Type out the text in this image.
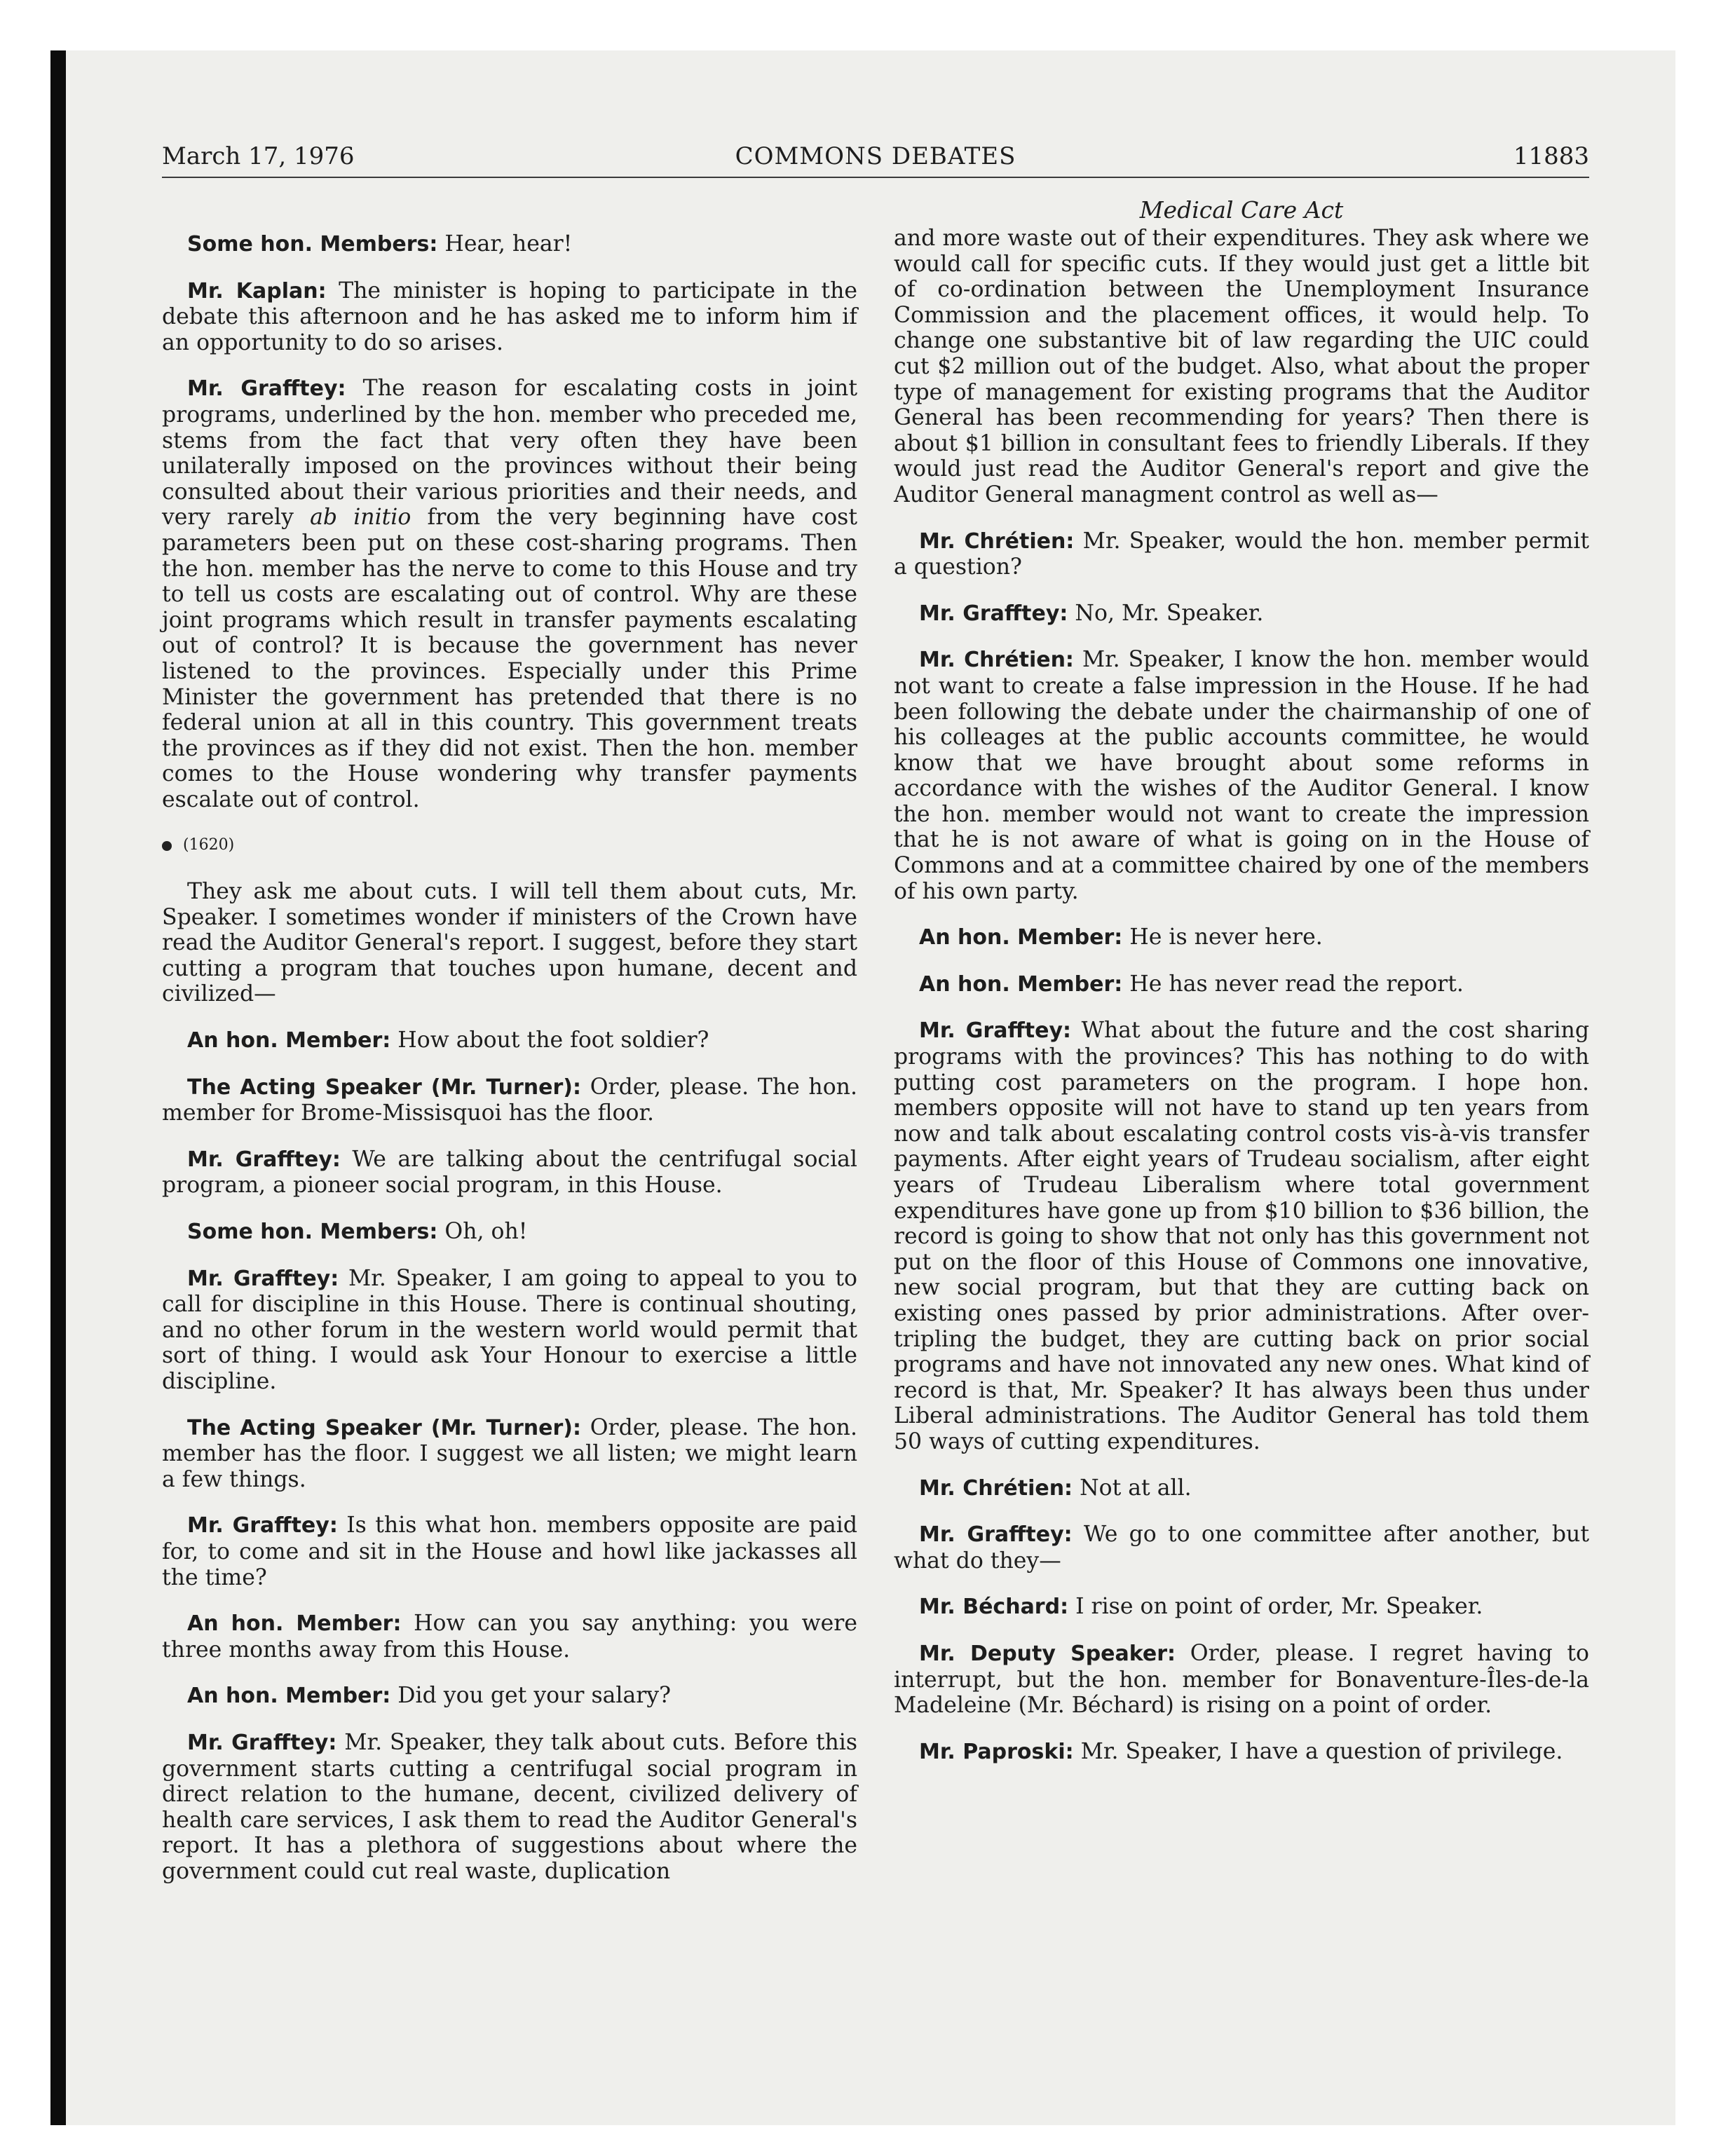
March 17, 1976	COMMONS DEBATES	11883

Some hon. Members: Hear, hear!

Mr. Kaplan: The minister is hoping to participate in the debate this afternoon and he has asked me to inform him if an opportunity to do so arises.

Mr. Grafftey: The reason for escalating costs in joint programs, underlined by the hon. member who preceded me, stems from the fact that very often they have been unilaterally imposed on the provinces without their being consulted about their various priorities and their needs, and very rarely ab initio from the very beginning have cost parameters been put on these cost-sharing programs. Then the hon. member has the nerve to come to this House and try to tell us costs are escalating out of control. Why are these joint programs which result in transfer payments escalating out of control? It is because the government has never listened to the provinces. Especially under this Prime Minister the government has pretended that there is no federal union at all in this country. This government treats the provinces as if they did not exist. Then the hon. member comes to the House wondering why transfer payments escalate out of control.

(1620)

They ask me about cuts. I will tell them about cuts, Mr. Speaker. I sometimes wonder if ministers of the Crown have read the Auditor General's report. I suggest, before they start cutting a program that touches upon humane, decent and civilized—

An hon. Member: How about the foot soldier?

The Acting Speaker (Mr. Turner): Order, please. The hon. member for Brome-Missisquoi has the floor.

Mr. Grafftey: We are talking about the centrifugal social program, a pioneer social program, in this House.

Some hon. Members: Oh, oh!

Mr. Grafftey: Mr. Speaker, I am going to appeal to you to call for discipline in this House. There is continual shouting, and no other forum in the western world would permit that sort of thing. I would ask Your Honour to exercise a little discipline.

The Acting Speaker (Mr. Turner): Order, please. The hon. member has the floor. I suggest we all listen; we might learn a few things.

Mr. Grafftey: Is this what hon. members opposite are paid for, to come and sit in the House and howl like jackasses all the time?

An hon. Member: How can you say anything: you were three months away from this House.

An hon. Member: Did you get your salary?

Mr. Grafftey: Mr. Speaker, they talk about cuts. Before this government starts cutting a centrifugal social program in direct relation to the humane, decent, civilized delivery of health care services, I ask them to read the Auditor General's report. It has a plethora of suggestions about where the government could cut real waste, duplication

Medical Care Act

and more waste out of their expenditures. They ask where we would call for specific cuts. If they would just get a little bit of co-ordination between the Unemployment Insurance Commission and the placement offices, it would help. To change one substantive bit of law regarding the UIC could cut $2 million out of the budget. Also, what about the proper type of management for existing programs that the Auditor General has been recommending for years? Then there is about $1 billion in consultant fees to friendly Liberals. If they would just read the Auditor General's report and give the Auditor General managment control as well as—

Mr. Chrétien: Mr. Speaker, would the hon. member permit a question?

Mr. Grafftey: No, Mr. Speaker.

Mr. Chrétien: Mr. Speaker, I know the hon. member would not want to create a false impression in the House. If he had been following the debate under the chairmanship of one of his colleages at the public accounts committee, he would know that we have brought about some reforms in accordance with the wishes of the Auditor General. I know the hon. member would not want to create the impression that he is not aware of what is going on in the House of Commons and at a committee chaired by one of the members of his own party.

An hon. Member: He is never here.

An hon. Member: He has never read the report.

Mr. Grafftey: What about the future and the cost sharing programs with the provinces? This has nothing to do with putting cost parameters on the program. I hope hon. members opposite will not have to stand up ten years from now and talk about escalating control costs vis-à-vis transfer payments. After eight years of Trudeau socialism, after eight years of Trudeau Liberalism where total government expenditures have gone up from $10 billion to $36 billion, the record is going to show that not only has this government not put on the floor of this House of Commons one innovative, new social program, but that they are cutting back on existing ones passed by prior administrations. After over-tripling the budget, they are cutting back on prior social programs and have not innovated any new ones. What kind of record is that, Mr. Speaker? It has always been thus under Liberal administrations. The Auditor General has told them 50 ways of cutting expenditures.

Mr. Chrétien: Not at all.

Mr. Grafftey: We go to one committee after another, but what do they—

Mr. Béchard: I rise on point of order, Mr. Speaker.

Mr. Deputy Speaker: Order, please. I regret having to interrupt, but the hon. member for Bonaventure-Îles-de-la Madeleine (Mr. Béchard) is rising on a point of order.

Mr. Paproski: Mr. Speaker, I have a question of privilege.
